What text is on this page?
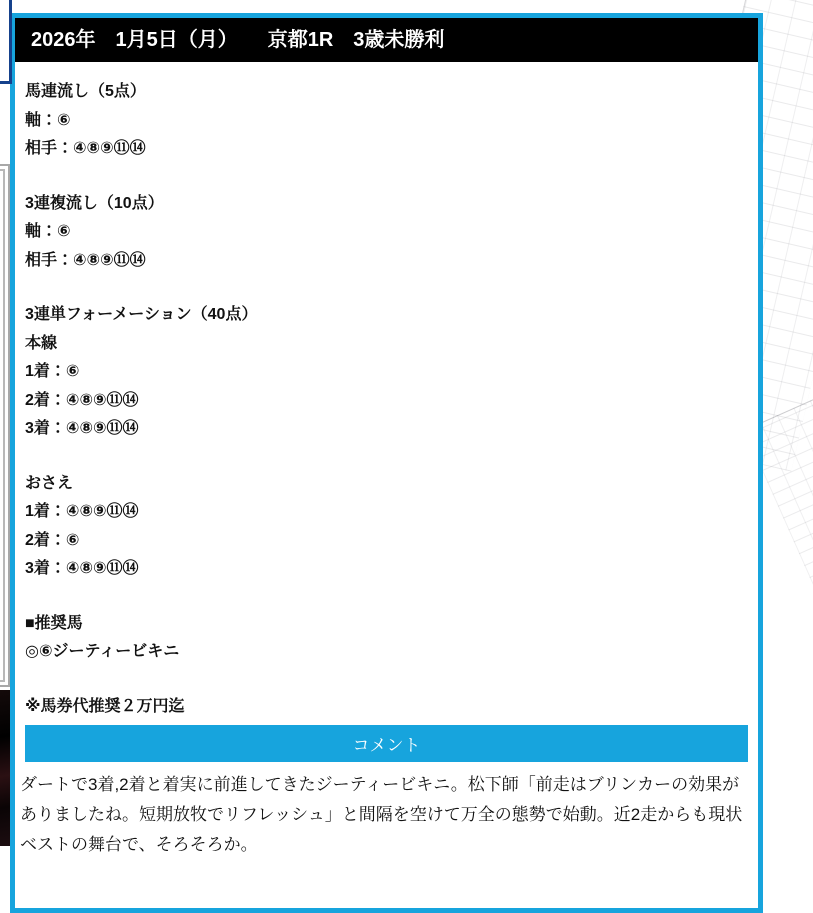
2026年　1月5日（月）　　京都1R　3歳未勝利
馬連流し（5点）
軸：⑥
相手：④⑧⑨⑪⑭
3連複流し（10点）
軸：⑥
相手：④⑧⑨⑪⑭
3連単フォーメーション（40点）
本線
1着：⑥
2着：④⑧⑨⑪⑭
3着：④⑧⑨⑪⑭
おさえ
1着：④⑧⑨⑪⑭
2着：⑥
3着：④⑧⑨⑪⑭
■推奨馬
◎⑥ジーティービキニ
※馬券代推奨２万円迄
コメント

ダートで3着,2着と着実に前進してきたジーティービキニ。松下師「前走はブリンカーの効果がありましたね。短期放牧でリフレッシュ」と間隔を空けて万全の態勢で始動。近2走からも現状ベストの舞台で、そろそろか。
